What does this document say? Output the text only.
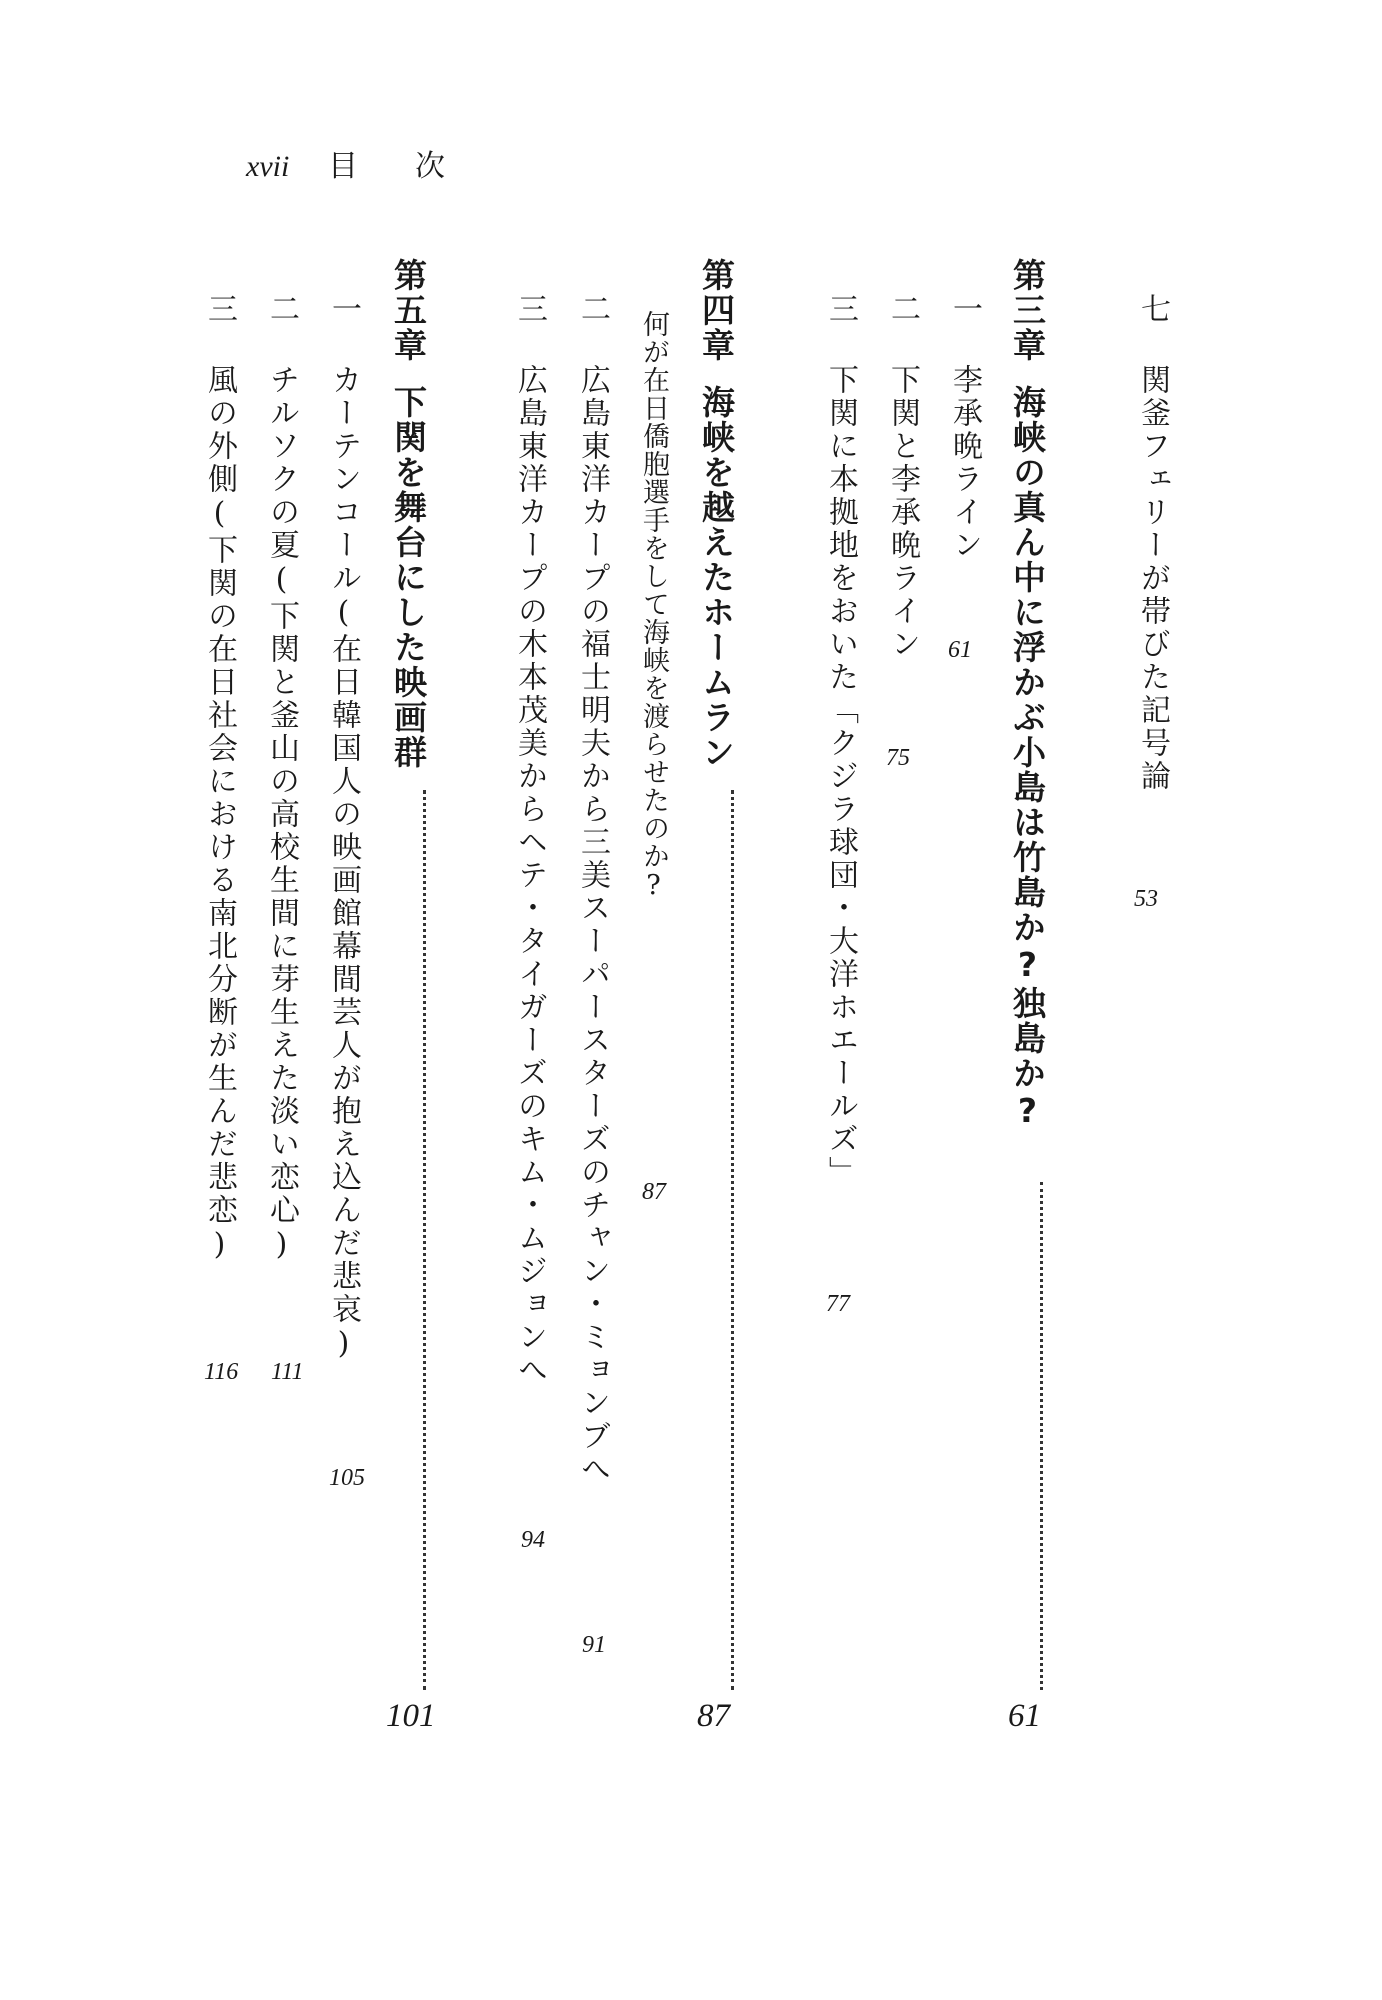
xvii 目 次
七関釜フェリーが帯びた記号論
53
第三章海峡の真ん中に浮かぶ小島は竹島か?独島か?
61
一李承晩ライン
61
二下関と李承晩ライン
75
三下関に本拠地をおいた「クジラ球団・大洋ホエールズ」
77
第四章海峡を越えたホームラン
87
何が在日僑胞選手をして海峡を渡らせたのか?
87
二広島東洋カープの福士明夫から三美スーパースターズのチャン・ミョンブへ
91
三広島東洋カープの木本茂美からヘテ・タイガーズのキム・ムジョンへ
94
第五章下関を舞台にした映画群
101
一カーテンコール(在日韓国人の映画館幕間芸人が抱え込んだ悲哀)
105
二チルソクの夏(下関と釜山の高校生間に芽生えた淡い恋心)
111
三風の外側(下関の在日社会における南北分断が生んだ悲恋)
116
